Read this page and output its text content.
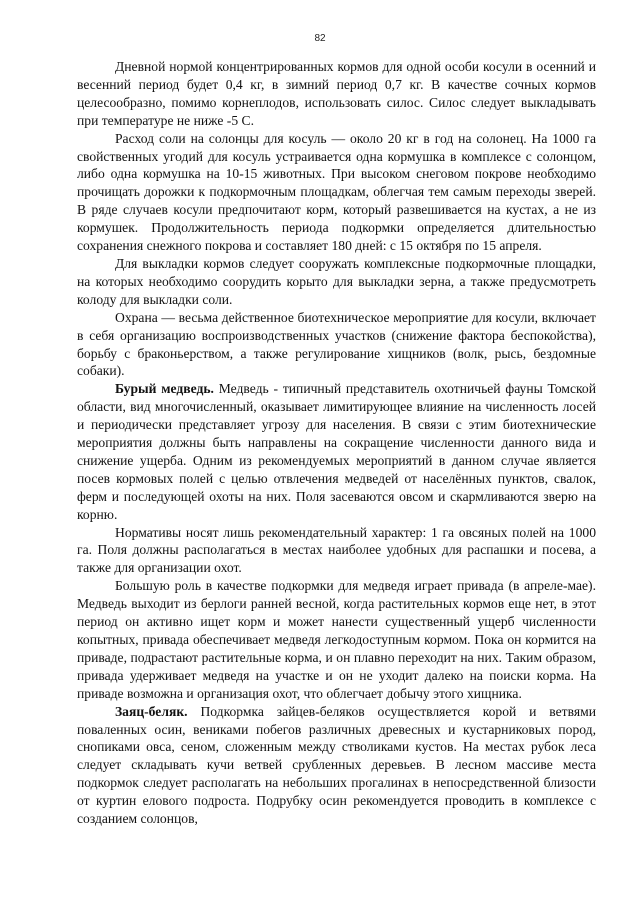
82

Дневной нормой концентрированных кормов для одной особи косули в осенний и весенний период будет 0,4 кг, в зимний период 0,7 кг. В качестве сочных кормов целесообразно, помимо корнеплодов, использовать силос. Силос следует выкладывать при температуре не ниже -5 С.

Расход соли на солонцы для косуль — около 20 кг в год на солонец. На 1000 га свойственных угодий для косуль устраивается одна кормушка в комплексе с солонцом, либо одна кормушка на 10-15 животных. При высоком снеговом покрове необходимо прочищать дорожки к подкормочным площадкам, облегчая тем самым переходы зверей. В ряде случаев косули предпочитают корм, который развешивается на кустах, а не из кормушек. Продолжительность периода подкормки определяется длительностью сохранения снежного покрова и составляет 180 дней: с 15 октября по 15 апреля.

Для выкладки кормов следует сооружать комплексные подкормочные площадки, на которых необходимо соорудить корыто для выкладки зерна, а также предусмотреть колоду для выкладки соли.

Охрана — весьма действенное биотехническое мероприятие для косули, включает в себя организацию воспроизводственных участков (снижение фактора беспокойства), борьбу с браконьерством, а также регулирование хищников (волк, рысь, бездомные собаки).

Бурый медведь. Медведь - типичный представитель охотничьей фауны Томской области, вид многочисленный, оказывает лимитирующее влияние на численность лосей и периодически представляет угрозу для населения. В связи с этим биотехнические мероприятия должны быть направлены на сокращение численности данного вида и снижение ущерба. Одним из рекомендуемых мероприятий в данном случае является посев кормовых полей с целью отвлечения медведей от населённых пунктов, свалок, ферм и последующей охоты на них. Поля засеваются овсом и скармливаются зверю на корню.

Нормативы носят лишь рекомендательный характер: 1 га овсяных полей на 1000 га. Поля должны располагаться в местах наиболее удобных для распашки и посева, а также для организации охот.

Большую роль в качестве подкормки для медведя играет привада (в апреле-мае). Медведь выходит из берлоги ранней весной, когда растительных кормов еще нет, в этот период он активно ищет корм и может нанести существенный ущерб численности копытных, привада обеспечивает медведя легкодоступным кормом. Пока он кормится на приваде, подрастают растительные корма, и он плавно переходит на них. Таким образом, привада удерживает медведя на участке и он не уходит далеко на поиски корма. На приваде возможна и организация охот, что облегчает добычу этого хищника.

Заяц-беляк. Подкормка зайцев-беляков осуществляется корой и ветвями поваленных осин, вениками побегов различных древесных и кустарниковых пород, снопиками овса, сеном, сложенным между стволиками кустов. На местах рубок леса следует складывать кучи ветвей срубленных деревьев. В лесном массиве места подкормок следует располагать на небольших прогалинах в непосредственной близости от куртин елового подроста. Подрубку осин рекомендуется проводить в комплексе с созданием солонцов,
